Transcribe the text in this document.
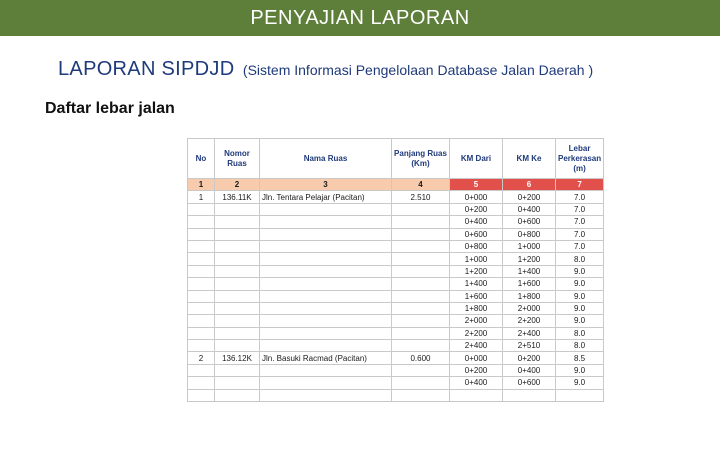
PENYAJIAN LAPORAN
LAPORAN SIPDJD (Sistem Informasi Pengelolaan Database Jalan Daerah )
Daftar lebar jalan
No	Nomor Ruas	Nama Ruas	Panjang Ruas (Km)	KM Dari	KM Ke	Lebar Perkerasan (m)
1	2	3	4	5	6	7
1	136.11K	Jln. Tentara Pelajar (Pacitan)	2.510	0+000	0+200	7.0
				0+200	0+400	7.0
				0+400	0+600	7.0
				0+600	0+800	7.0
				0+800	1+000	7.0
				1+000	1+200	8.0
				1+200	1+400	9.0
				1+400	1+600	9.0
				1+600	1+800	9.0
				1+800	2+000	9.0
				2+000	2+200	9.0
				2+200	2+400	8.0
				2+400	2+510	8.0
2	136.12K	Jln. Basuki Racmad (Pacitan)	0.600	0+000	0+200	8.5
				0+200	0+400	9.0
				0+400	0+600	9.0
